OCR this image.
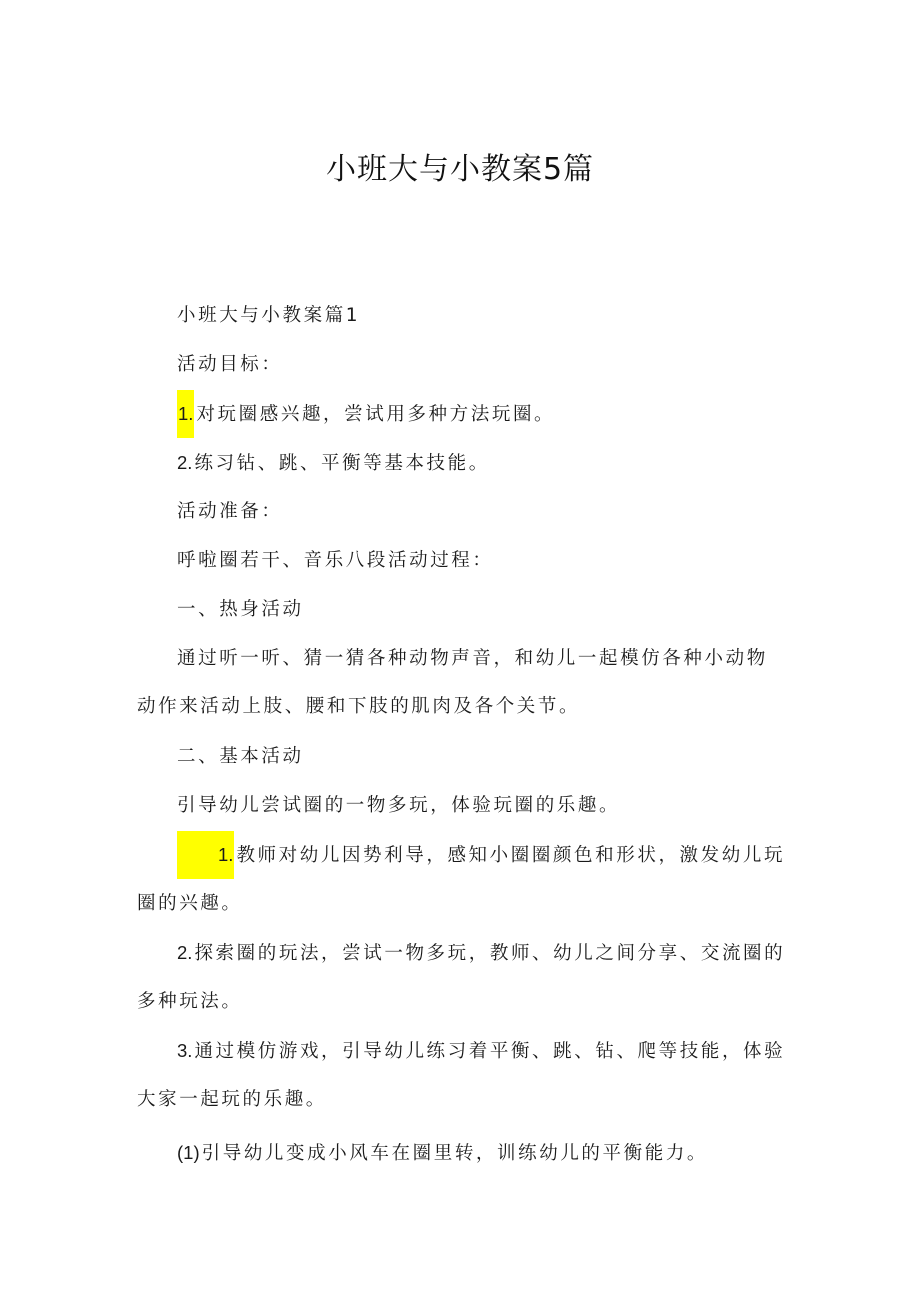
小班大与小教案5篇
小班大与小教案篇1
活动目标：
1. 对玩圈感兴趣，尝试用多种方法玩圈。
2. 练习钻、跳、平衡等基本技能。
活动准备：
呼啦圈若干、音乐八段活动过程：
一、热身活动
通过听一听、猜一猜各种动物声音，和幼儿一起模仿各种小动物动作来活动上肢、腰和下肢的肌肉及各个关节。
二、基本活动
引导幼儿尝试圈的一物多玩，体验玩圈的乐趣。
1. 教师对幼儿因势利导，感知小圈圈颜色和形状，激发幼儿玩圈的兴趣。
2. 探索圈的玩法，尝试一物多玩，教师、幼儿之间分享、交流圈的多种玩法。
3. 通过模仿游戏，引导幼儿练习着平衡、跳、钻、爬等技能，体验大家一起玩的乐趣。
(1) 引导幼儿变成小风车在圈里转，训练幼儿的平衡能力。
